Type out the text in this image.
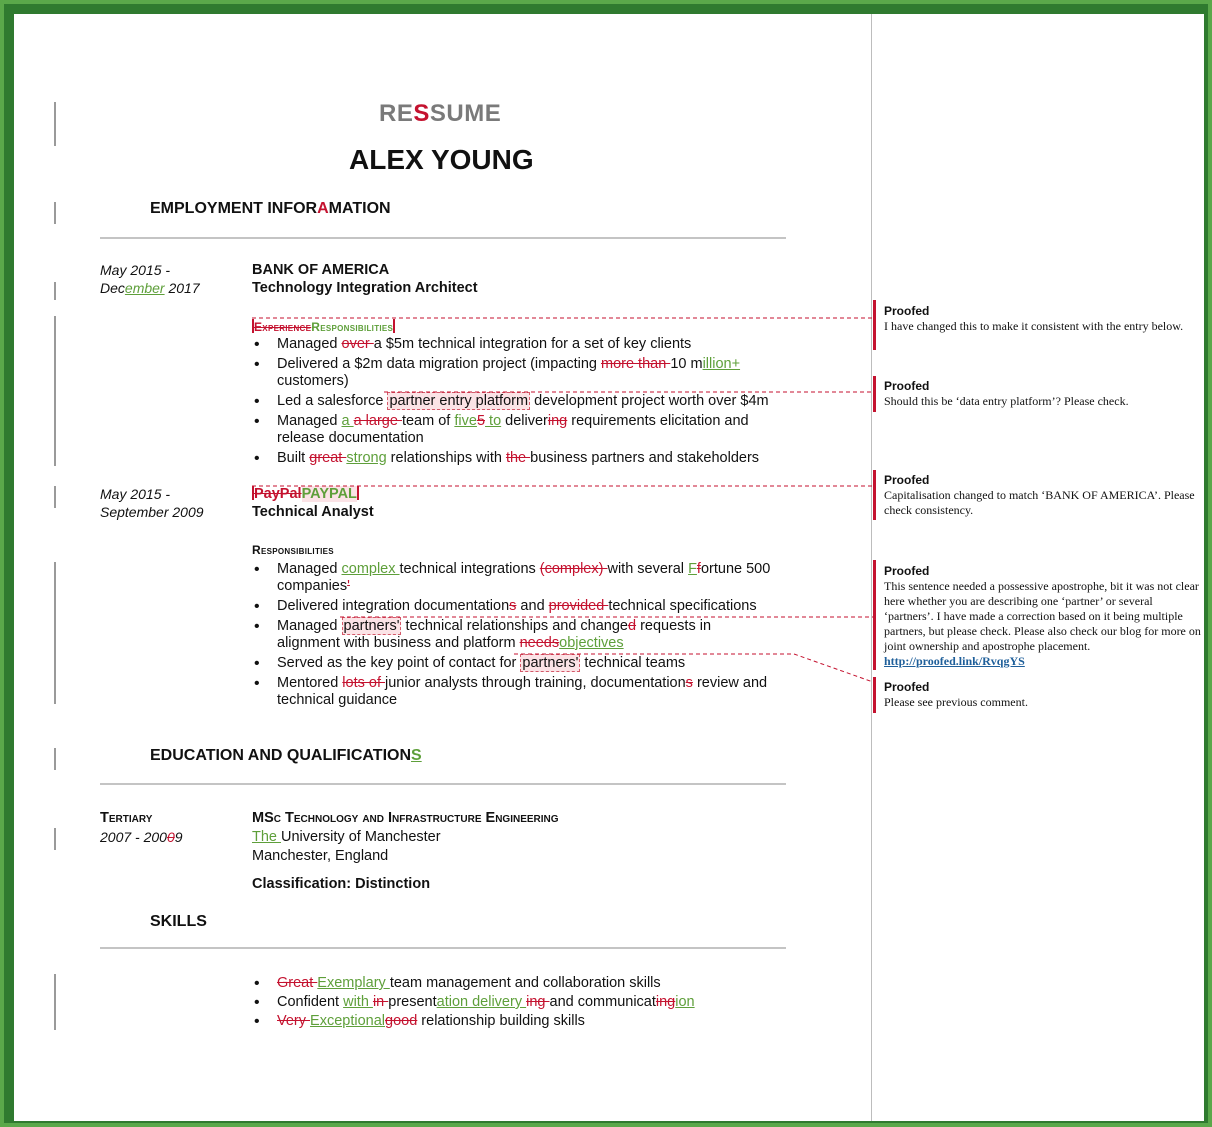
RESSUME
ALEX YOUNG
EMPLOYMENT INFORAMATION
May 2015 -
December 2017
BANK OF AMERICA
Technology Integration Architect
ExperienceResponsibilities
• Managed over a $5m technical integration for a set of key clients
• Delivered a $2m data migration project (impacting more than 10 million+ customers)
• Led a salesforce partner entry platform development project worth over $4m
• Managed a a large team of five5 to delivering requirements elicitation and release documentation
• Built great strong relationships with the business partners and stakeholders
May 2015 -
September 2009
PayPalPAYPAL
Technical Analyst
Responsibilities
• Managed complex technical integrations (complex) with several Ffortune 500 companies'
• Delivered integration documentations and provided technical specifications
• Managed partners' technical relationships and changed requests in alignment with business and platform needsobjectives
• Served as the key point of contact for partners' technical teams
• Mentored lots of junior analysts through training, documentations review and technical guidance
EDUCATION AND QUALIFICATIONS
Tertiary
2007 - 20009
MSc Technology and Infrastructure Engineering
The University of Manchester
Manchester, England
Classification: Distinction
SKILLS
• Great Exemplary team management and collaboration skills
• Confident with in presentation delivery ing and communicatingion
• Very Exceptionalgood relationship building skills
Proofed
I have changed this to make it consistent with the entry below.
Proofed
Should this be ‘data entry platform’? Please check.
Proofed
Capitalisation changed to match ‘BANK OF AMERICA’. Please check consistency.
Proofed
This sentence needed a possessive apostrophe, bit it was not clear here whether you are describing one ‘partner’ or several ‘partners’. I have made a correction based on it being multiple partners, but please check. Please also check our blog for more on joint ownership and apostrophe placement.
http://proofed.link/RvqgYS
Proofed
Please see previous comment.
